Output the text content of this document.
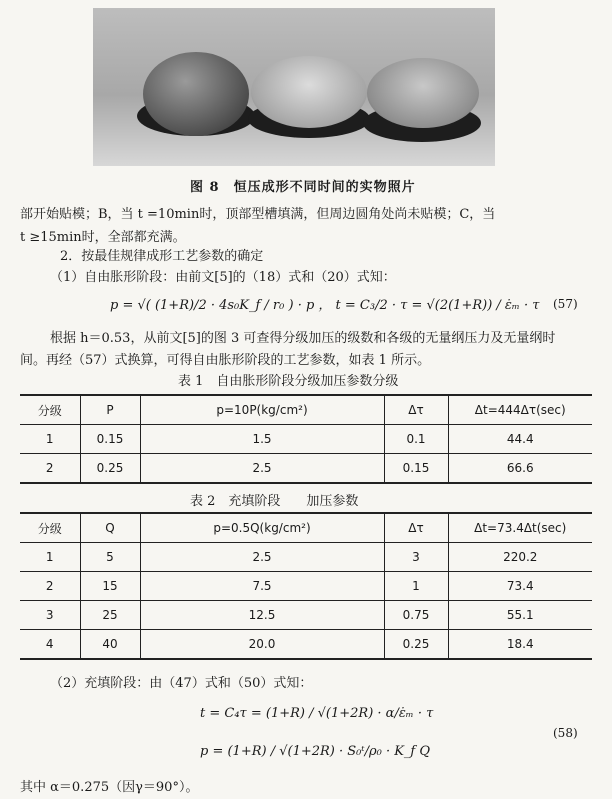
图 8　恒压成形不同时间的实物照片
部开始贴模；B，当 t =10min时，顶部型槽填满，但周边圆角处尚未贴模；C，当
t ≥15min时，全部都充满。
2．按最佳规律成形工艺参数的确定
（1）自由胀形阶段：由前文[5]的（18）式和（20）式知：
p = √( (1+R)/2 · 4s₀K_f / r₀ ) · p ， t = C₃/2 · τ = √(2(1+R)) / ε̇ₘ · τ (57)
根据 h＝0.53，从前文[5]的图 3 可查得分级加压的级数和各级的无量纲压力及无量纲时
间。再经（57）式换算，可得自由胀形阶段的工艺参数，如表 1 所示。
表 1　自由胀形阶段分级加压参数分级
分级	P	p=10P(kg/cm²)	Δτ	Δt=444Δτ(sec)
1	0.15	1.5	0.1	44.4
2	0.25	2.5	0.15	66.6
表 2　充填阶段　　加压参数
分级	Q	p=0.5Q(kg/cm²)	Δτ	Δt=73.4Δt(sec)
1	5	2.5	3	220.2
2	15	7.5	1	73.4
3	25	12.5	0.75	55.1
4	40	20.0	0.25	18.4
（2）充填阶段：由（47）式和（50）式知：
t = C₄τ = (1+R) / √(1+2R) · α/ε̇ₘ · τ
p = (1+R) / √(1+2R) · S₀ᵗ/ρ₀ · K_f Q
(58)
其中 α＝0.275（因γ＝90°）。
